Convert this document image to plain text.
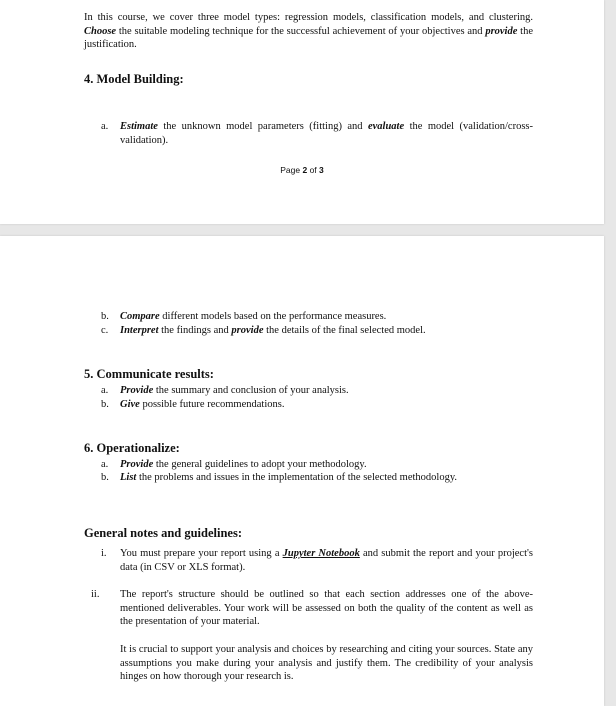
In this course, we cover three model types: regression models, classification models, and clustering. Choose the suitable modeling technique for the successful achievement of your objectives and provide the justification.

4. Model Building:
a. Estimate the unknown model parameters (fitting) and evaluate the model (validation/cross-validation).
Page 2 of 3
b. Compare different models based on the performance measures.
c. Interpret the findings and provide the details of the final selected model.
5. Communicate results:
a. Provide the summary and conclusion of your analysis.
b. Give possible future recommendations.
6. Operationalize:
a. Provide the general guidelines to adopt your methodology.
b. List the problems and issues in the implementation of the selected methodology.
General notes and guidelines:
i. You must prepare your report using a Jupyter Notebook and submit the report and your project's data (in CSV or XLS format).
ii. The report's structure should be outlined so that each section addresses one of the above-mentioned deliverables. Your work will be assessed on both the quality of the content as well as the presentation of your material.
It is crucial to support your analysis and choices by researching and citing your sources. State any assumptions you make during your analysis and justify them. The credibility of your analysis hinges on how thorough your research is.
